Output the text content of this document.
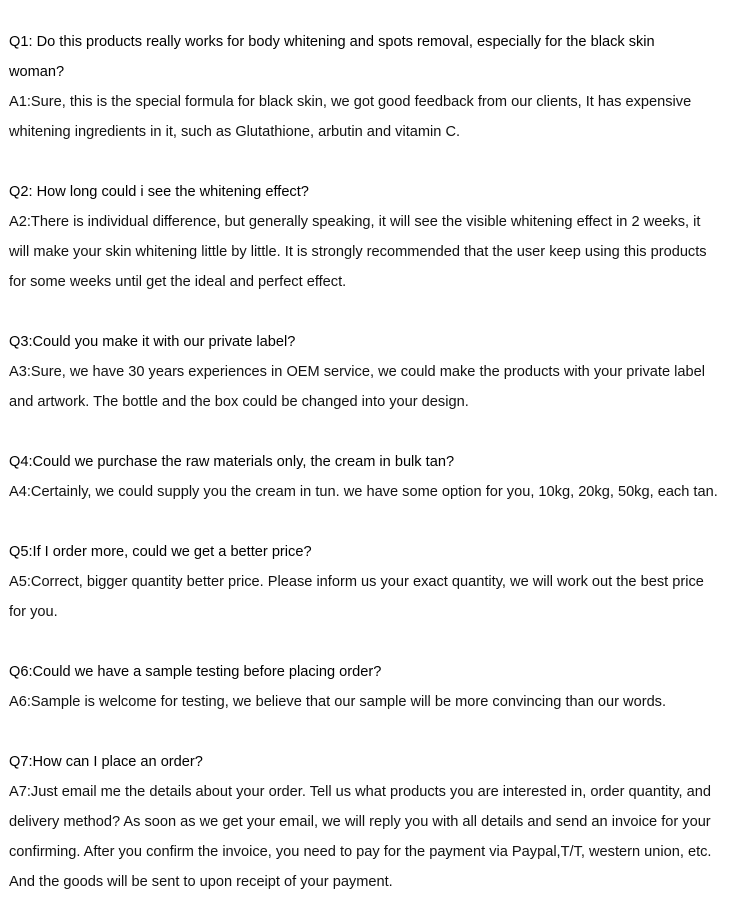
Q1: Do this products really works for body whitening and spots removal, especially for the black skin
woman?
A1:Sure, this is the special formula for black skin, we got good feedback from our clients, It has expensive
whitening ingredients in it, such as Glutathione, arbutin and vitamin C.
Q2: How long could i see the whitening effect?
A2:There is individual difference, but generally speaking, it will see the visible whitening effect in 2 weeks, it
will make your skin whitening little by little. It is strongly recommended that the user keep using this products
for some weeks until get the ideal and perfect effect.
Q3:Could you make it with our private label?
A3:Sure, we have 30 years experiences in OEM service, we could make the products with your private label
and artwork. The bottle and the box could be changed into your design.
Q4:Could we purchase the raw materials only, the cream in bulk tan?
A4:Certainly, we could supply you the cream in tun. we have some option for you, 10kg, 20kg, 50kg, each tan.
Q5:If I order more, could we get a better price?
A5:Correct, bigger quantity better price. Please inform us your exact quantity, we will work out the best price
for you.
Q6:Could we have a sample testing before placing order?
A6:Sample is welcome for testing, we believe that our sample will be more convincing than our words.
Q7:How can I place an order?
A7:Just email me the details about your order. Tell us what products you are interested in, order quantity, and
delivery method? As soon as we get your email, we will reply you with all details and send an invoice for your
confirming. After you confirm the invoice, you need to pay for the payment via Paypal,T/T, western union, etc.
And the goods will be sent to upon receipt of your payment.
